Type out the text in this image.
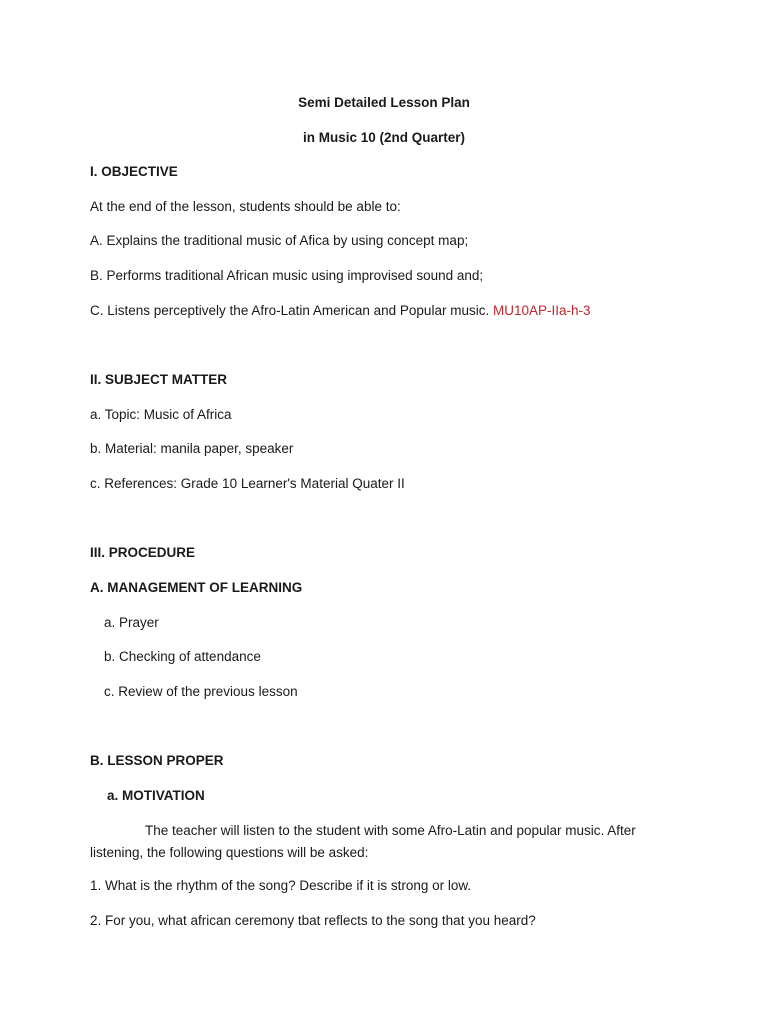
Semi Detailed Lesson Plan
in Music 10 (2nd Quarter)
I. OBJECTIVE
At the end of the lesson, students should be able to:
A. Explains the traditional music of Afica by using concept map;
B. Performs traditional African music using improvised sound and;
C. Listens perceptively the Afro-Latin American and Popular music. MU10AP-IIa-h-3
II. SUBJECT MATTER
a. Topic: Music of Africa
b. Material: manila paper, speaker
c. References: Grade 10 Learner's Material Quater II
III. PROCEDURE
A. MANAGEMENT OF LEARNING
a. Prayer
b. Checking of attendance
c. Review of the previous lesson
B. LESSON PROPER
a. MOTIVATION
The teacher will listen to the student with some Afro-Latin and popular music. After listening, the following questions will be asked:
1. What is the rhythm of the song? Describe if it is strong or low.
2. For you, what african ceremony tbat reflects to the song that you heard?
